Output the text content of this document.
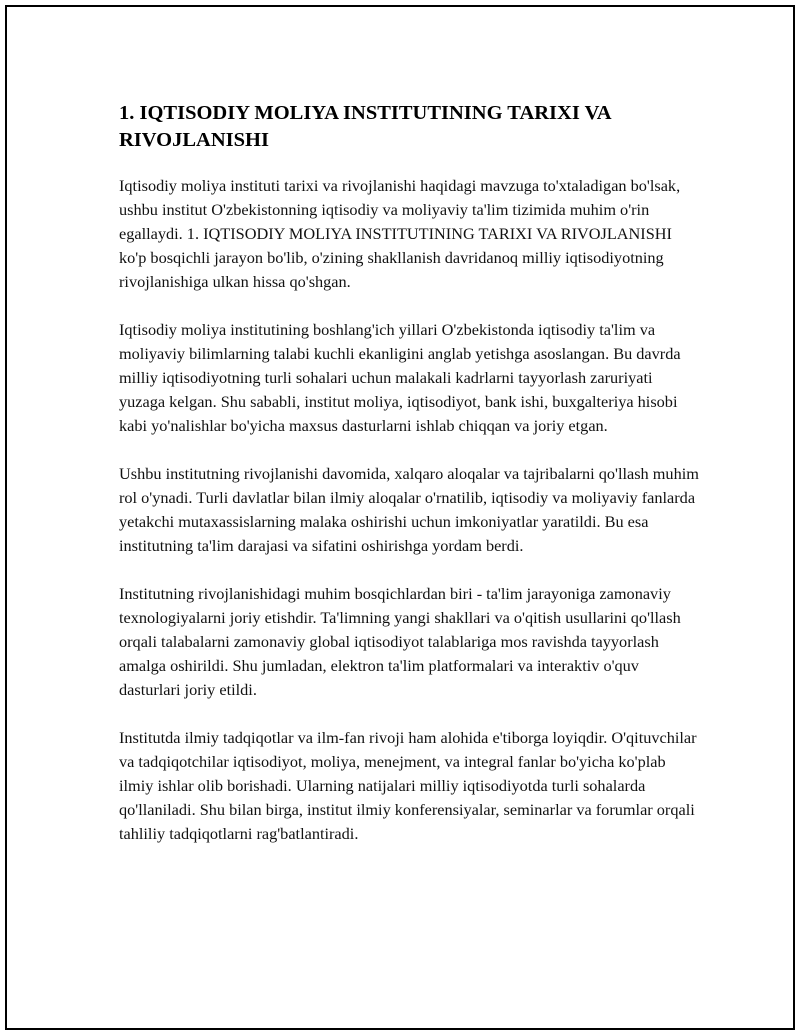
1. IQTISODIY MOLIYA INSTITUTINING TARIXI VA RIVOJLANISHI

Iqtisodiy moliya instituti tarixi va rivojlanishi haqidagi mavzuga to'xtaladigan bo'lsak, ushbu institut O'zbekistonning iqtisodiy va moliyaviy ta'lim tizimida muhim o'rin egallaydi. 1. IQTISODIY MOLIYA INSTITUTINING TARIXI VA RIVOJLANISHI ko'p bosqichli jarayon bo'lib, o'zining shakllanish davridanoq milliy iqtisodiyotning rivojlanishiga ulkan hissa qo'shgan.

Iqtisodiy moliya institutining boshlang'ich yillari O'zbekistonda iqtisodiy ta'lim va moliyaviy bilimlarning talabi kuchli ekanligini anglab yetishga asoslangan. Bu davrda milliy iqtisodiyotning turli sohalari uchun malakali kadrlarni tayyorlash zaruriyati yuzaga kelgan. Shu sababli, institut moliya, iqtisodiyot, bank ishi, buxgalteriya hisobi kabi yo'nalishlar bo'yicha maxsus dasturlarni ishlab chiqqan va joriy etgan.

Ushbu institutning rivojlanishi davomida, xalqaro aloqalar va tajribalarni qo'llash muhim rol o'ynadi. Turli davlatlar bilan ilmiy aloqalar o'rnatilib, iqtisodiy va moliyaviy fanlarda yetakchi mutaxassislarning malaka oshirishi uchun imkoniyatlar yaratildi. Bu esa institutning ta'lim darajasi va sifatini oshirishga yordam berdi.

Institutning rivojlanishidagi muhim bosqichlardan biri - ta'lim jarayoniga zamonaviy texnologiyalarni joriy etishdir. Ta'limning yangi shakllari va o'qitish usullarini qo'llash orqali talabalarni zamonaviy global iqtisodiyot talablariga mos ravishda tayyorlash amalga oshirildi. Shu jumladan, elektron ta'lim platformalari va interaktiv o'quv dasturlari joriy etildi.

Institutda ilmiy tadqiqotlar va ilm-fan rivoji ham alohida e'tiborga loyiqdir. O'qituvchilar va tadqiqotchilar iqtisodiyot, moliya, menejment, va integral fanlar bo'yicha ko'plab ilmiy ishlar olib borishadi. Ularning natijalari milliy iqtisodiyotda turli sohalarda qo'llaniladi. Shu bilan birga, institut ilmiy konferensiyalar, seminarlar va forumlar orqali tahliliy tadqiqotlarni rag'batlantiradi.
